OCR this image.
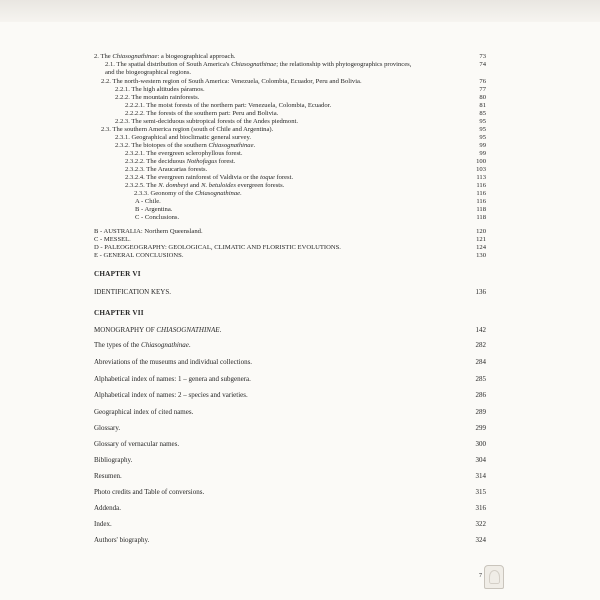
2. The Chiasognathinae: a biogeographical approach.	73
2.1. The spatial distribution of South America's Chiasognathinae; the relationship with phytogeographics provinces,	74
and the biogeographical regions.
2.2. The north-western region of South America: Venezuela, Colombia, Ecuador, Peru and Bolivia.	76
2.2.1. The high altitudes páramos.	77
2.2.2. The mountain rainforests.	80
2.2.2.1. The moist forests of the northern part: Venezuela, Colombia, Ecuador.	81
2.2.2.2. The forests of the southern part: Peru and Bolivia.	85
2.2.3. The semi-deciduous subtropical forests of the Andes piedmont.	95
2.3. The southern America region (south of Chile and Argentina).	95
2.3.1. Geographical and bioclimatic general survey.	95
2.3.2. The biotopes of the southern Chiasognathinae.	99
2.3.2.1. The evergreen sclerophyllous forest.	99
2.3.2.2. The deciduous Nothofagus forest.	100
2.3.2.3. The Araucarias forests.	103
2.3.2.4. The evergreen rainforest of Valdivia or the toque forest.	113
2.3.2.5. The N. dombeyi and N. betuloides evergreen forests.	116
2.3.3. Geonomy of the Chiasognathinae.	116
A - Chile.	116
B - Argentina.	118
C - Conclusions.	118
B - AUSTRALIA: Northern Queensland.	120
C - MESSEL.	121
D - PALEOGEOGRAPHY: GEOLOGICAL, CLIMATIC AND FLORISTIC EVOLUTIONS.	124
E - GENERAL CONCLUSIONS.	130
CHAPTER VI
IDENTIFICATION KEYS.	136
CHAPTER VII
MONOGRAPHY OF CHIASOGNATHINAE.	142
The types of the Chiasognathinae.	282
Abreviations of the museums and individual collections.	284
Alphabetical index of names: 1 – genera and subgenera.	285
Alphabetical index of names: 2 – species and varieties.	286
Geographical index of cited names.	289
Glossary.	299
Glossary of vernacular names.	300
Bibliography.	304
Resumen.	314
Photo credits and Table of conversions.	315
Addenda.	316
Index.	322
Authors' biography.	324
7
